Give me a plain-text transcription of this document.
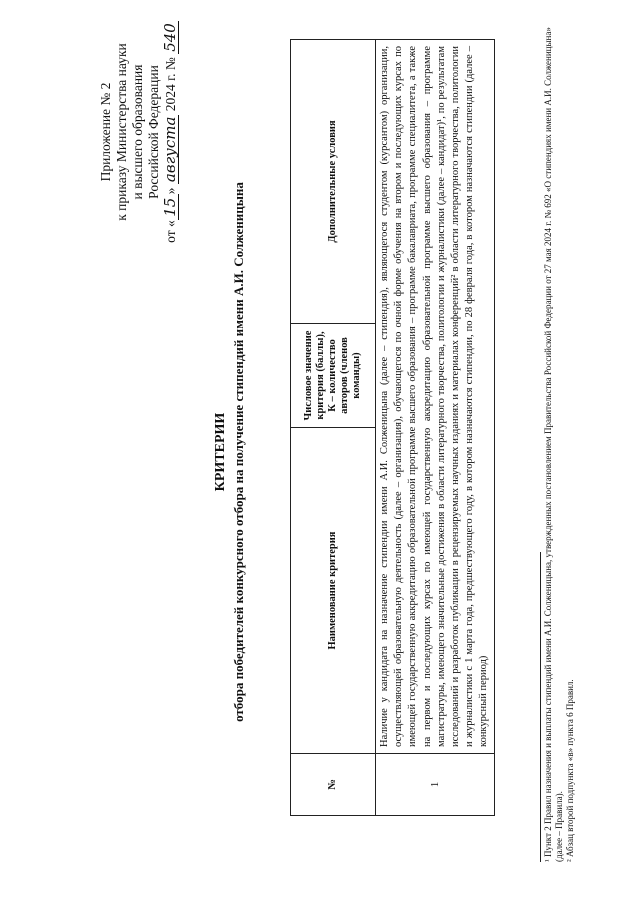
Приложение № 2 к приказу Министерства науки и высшего образования Российской Федерации
от «15» августа 2024 г. № 540
КРИТЕРИИ отбора победителей конкурсного отбора на получение стипендий имени А.И. Солженицына
№	Наименование критерия	Числовое значение критерия (баллы), К – количество авторов (членов команды)	Дополнительные условия
1	Наличие у кандидата на назначение стипендии имени А.И. Солженицына (далее – стипендия), являющегося студентом (курсантом) организации, осуществляющей образовательную деятельность (далее – организация), обучающегося по очной форме обучения на втором и последующих курсах по имеющей государственную аккредитацию образовательной программе высшего образования – программе бакалавриата, программе специалитета, а также на первом и последующих курсах по имеющей государственную аккредитацию образовательной программе высшего образования – программе магистратуры, имеющего значительные достижения в области литературного творчества, политологии и журналистики (далее – кандидат)¹, по результатам исследований и разработок публикации в рецензируемых научных изданиях и материалах конференций² в области литературного творчества, политологии и журналистики с 1 марта года, предшествующего году, в котором назначаются стипендии, по 28 февраля года, в котором назначаются стипендии (далее – конкурсный период)			¹ Пункт 2 Правил назначения и выплаты стипендий имени А.И. Солженицына, утвержденных постановлением Правительства Российской Федерации от 27 мая 2024 г. № 692 «О стипендиях имени А.И. Солженицына» (далее – Правила). ² Абзац второй подпункта «в» пункта 6 Правил.
